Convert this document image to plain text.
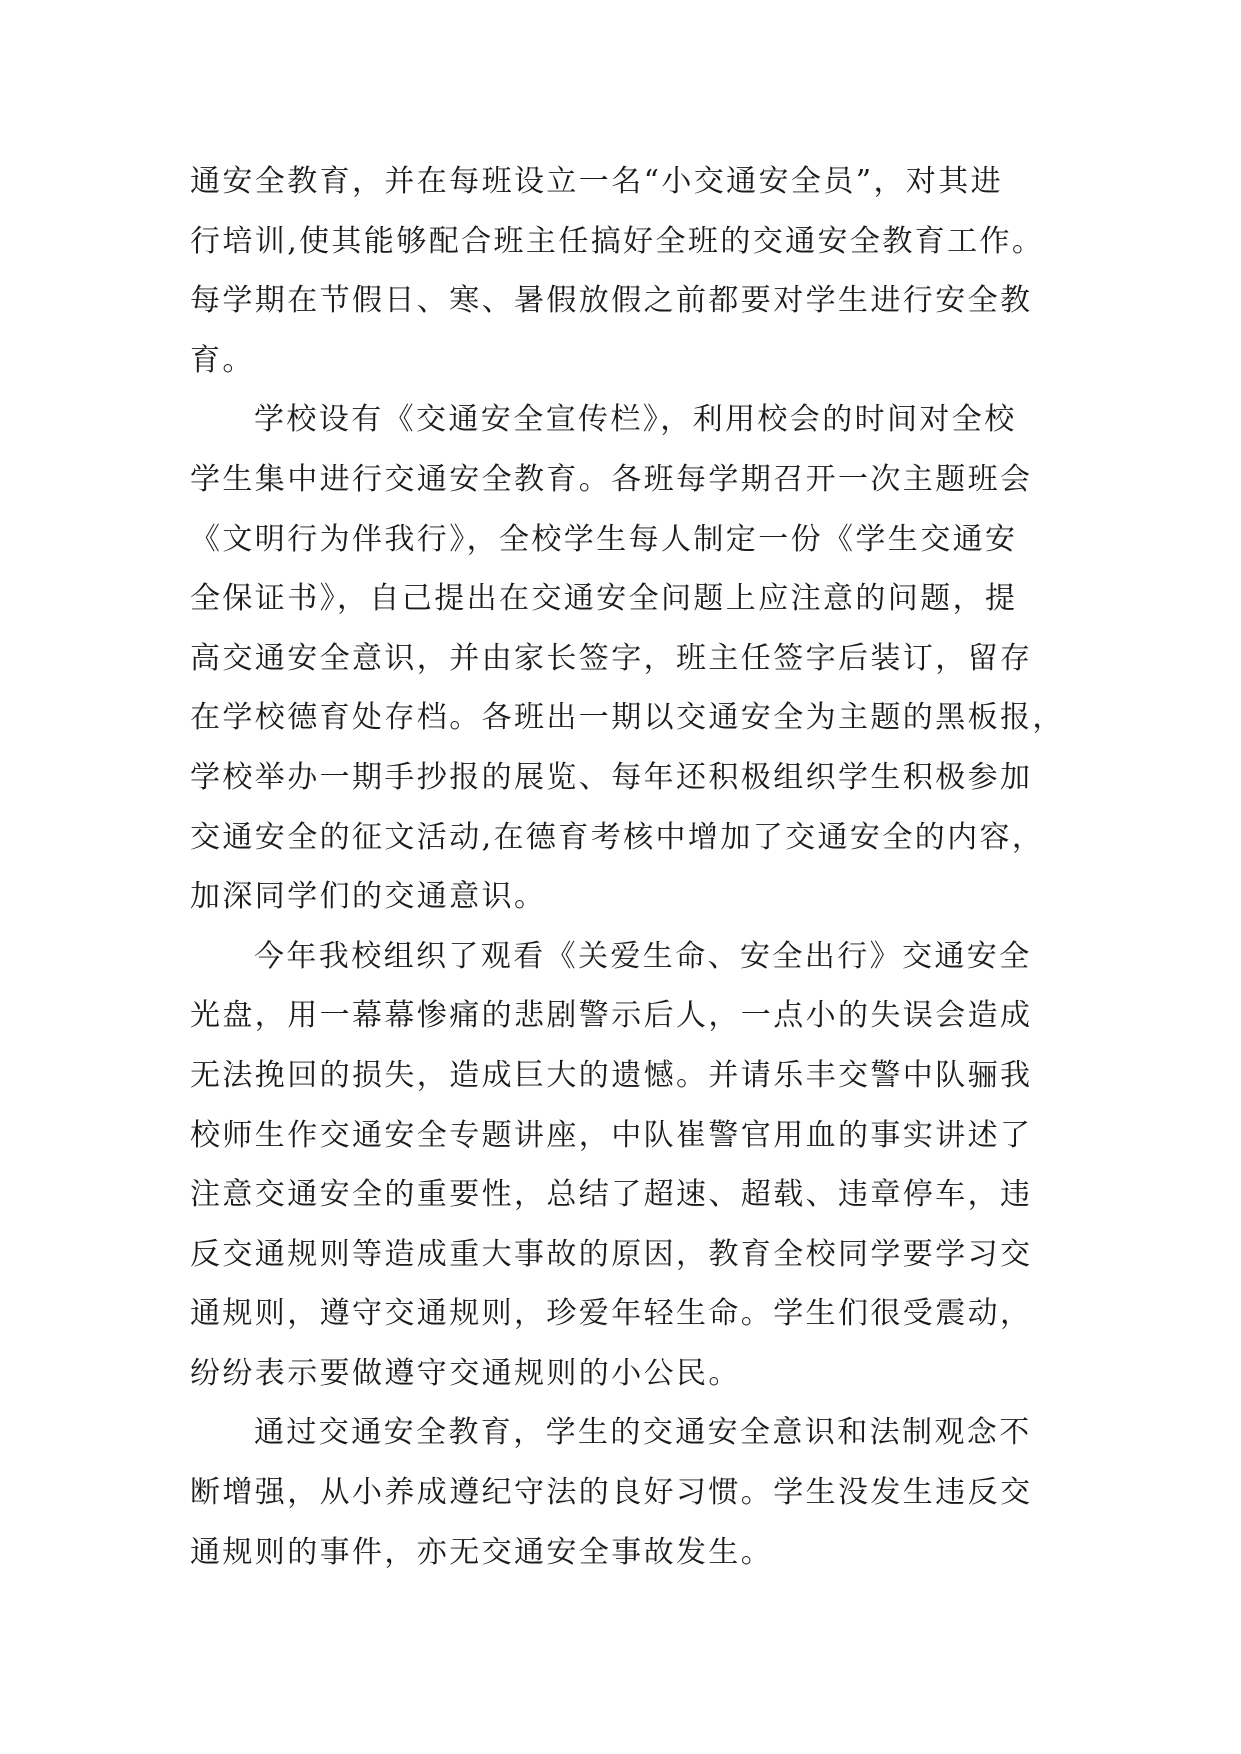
通安全教育，并在每班设立一名“小交通安全员”，对其进
行培训,使其能够配合班主任搞好全班的交通安全教育工作。
每学期在节假日、寒、暑假放假之前都要对学生进行安全教
育。
学校设有《交通安全宣传栏》，利用校会的时间对全校
学生集中进行交通安全教育。各班每学期召开一次主题班会
《文明行为伴我行》，全校学生每人制定一份《学生交通安
全保证书》，自己提出在交通安全问题上应注意的问题，提
高交通安全意识，并由家长签字，班主任签字后装订，留存
在学校德育处存档。各班出一期以交通安全为主题的黑板报，
学校举办一期手抄报的展览、每年还积极组织学生积极参加
交通安全的征文活动,在德育考核中增加了交通安全的内容，
加深同学们的交通意识。
今年我校组织了观看《关爱生命、安全出行》交通安全
光盘，用一幕幕惨痛的悲剧警示后人，一点小的失误会造成
无法挽回的损失，造成巨大的遗憾。并请乐丰交警中队骊我
校师生作交通安全专题讲座，中队崔警官用血的事实讲述了
注意交通安全的重要性，总结了超速、超载、违章停车，违
反交通规则等造成重大事故的原因，教育全校同学要学习交
通规则，遵守交通规则，珍爱年轻生命。学生们很受震动，
纷纷表示要做遵守交通规则的小公民。
通过交通安全教育，学生的交通安全意识和法制观念不
断增强，从小养成遵纪守法的良好习惯。学生没发生违反交
通规则的事件，亦无交通安全事故发生。
